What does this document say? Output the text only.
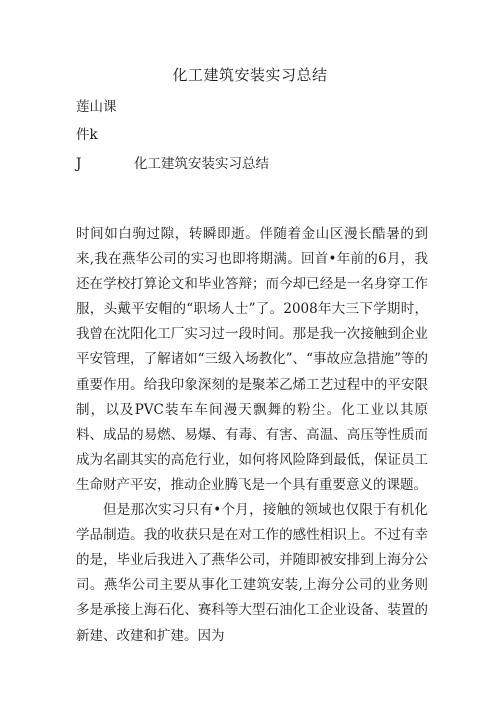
化工建筑安装实习总结
莲山课
件k
J	化工建筑安装实习总结

时间如白驹过隙，转瞬即逝。伴随着金山区漫长酷暑的到来,我在燕华公司的实习也即将期满。回首•年前的6月，我还在学校打算论文和毕业答辩；而今却已经是一名身穿工作服，头戴平安帽的“职场人士”了。2008年大三下学期时，我曾在沈阳化工厂实习过一段时间。那是我一次接触到企业平安管理，了解诸如“三级入场教化”、“事故应急措施”等的重要作用。给我印象深刻的是聚苯乙烯工艺过程中的平安限制，以及PVC装车车间漫天飘舞的粉尘。化工业以其原料、成品的易燃、易爆、有毒、有害、高温、高压等性质而成为名副其实的高危行业，如何将风险降到最低，保证员工生命财产平安，推动企业腾飞是一个具有重要意义的课题。

但是那次实习只有•个月，接触的领域也仅限于有机化学品制造。我的收获只是在对工作的感性相识上。不过有幸的是，毕业后我进入了燕华公司，并随即被安排到上海分公司。燕华公司主要从事化工建筑安装,上海分公司的业务则多是承接上海石化、赛科等大型石油化工企业设备、装置的新建、改建和扩建。因为
